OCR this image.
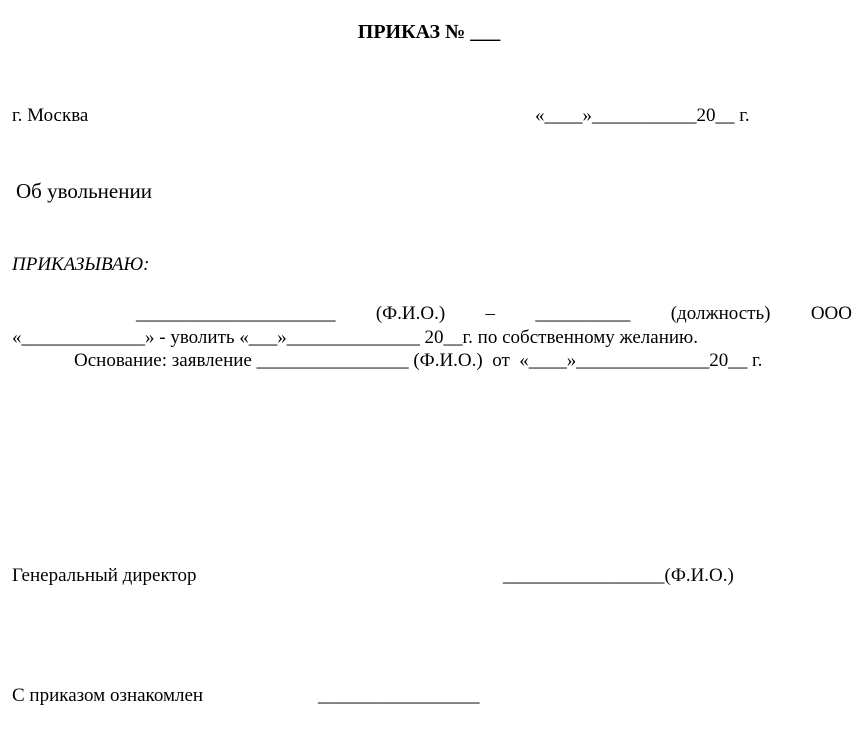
ПРИКАЗ № ___
г. Москва	«____»___________20__ г.
Об увольнении
ПРИКАЗЫВАЮ:
_____________________ (Ф.И.О.) – __________ (должность) ООО
«_____________» - уволить «___»______________ 20__г. по собственному желанию.
Основание: заявление ________________ (Ф.И.О.)  от  «____»______________20__ г.
Генеральный директор	_________________(Ф.И.О.)
С приказом ознакомлен	_________________
